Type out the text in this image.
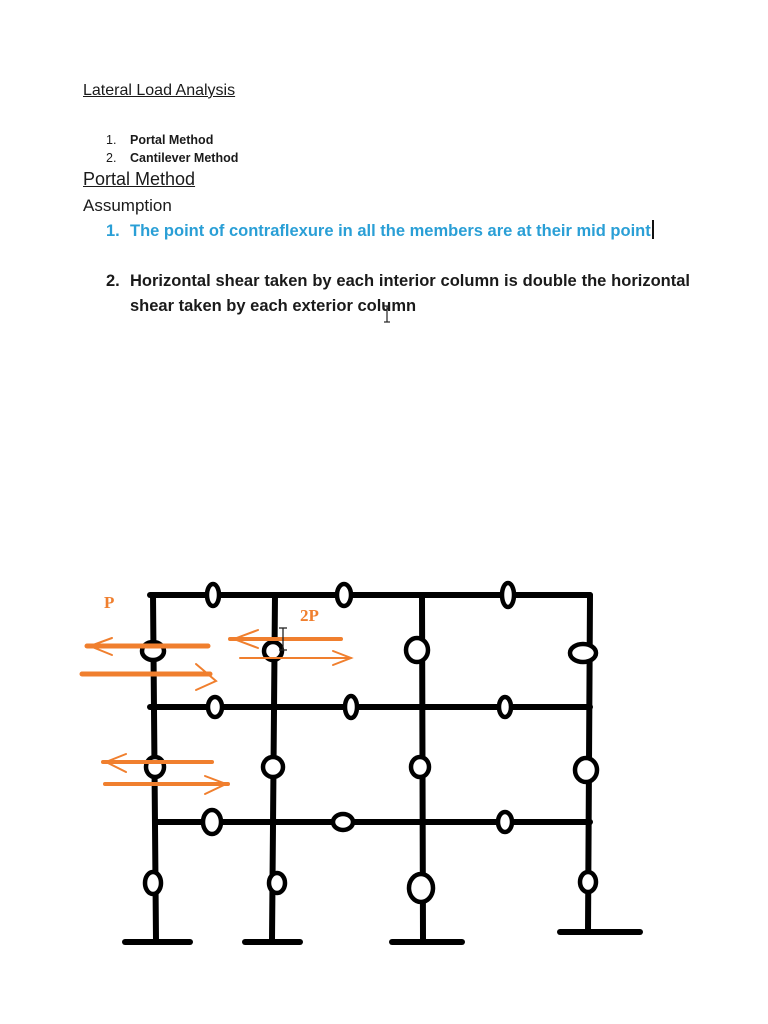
Lateral Load Analysis
1. Portal Method
2. Cantilever Method
Portal Method
Assumption

1. The point of contraflexure in all the members are at their mid point

2. Horizontal shear taken by each interior column is double the horizontal shear taken by each exterior column

P
2P
